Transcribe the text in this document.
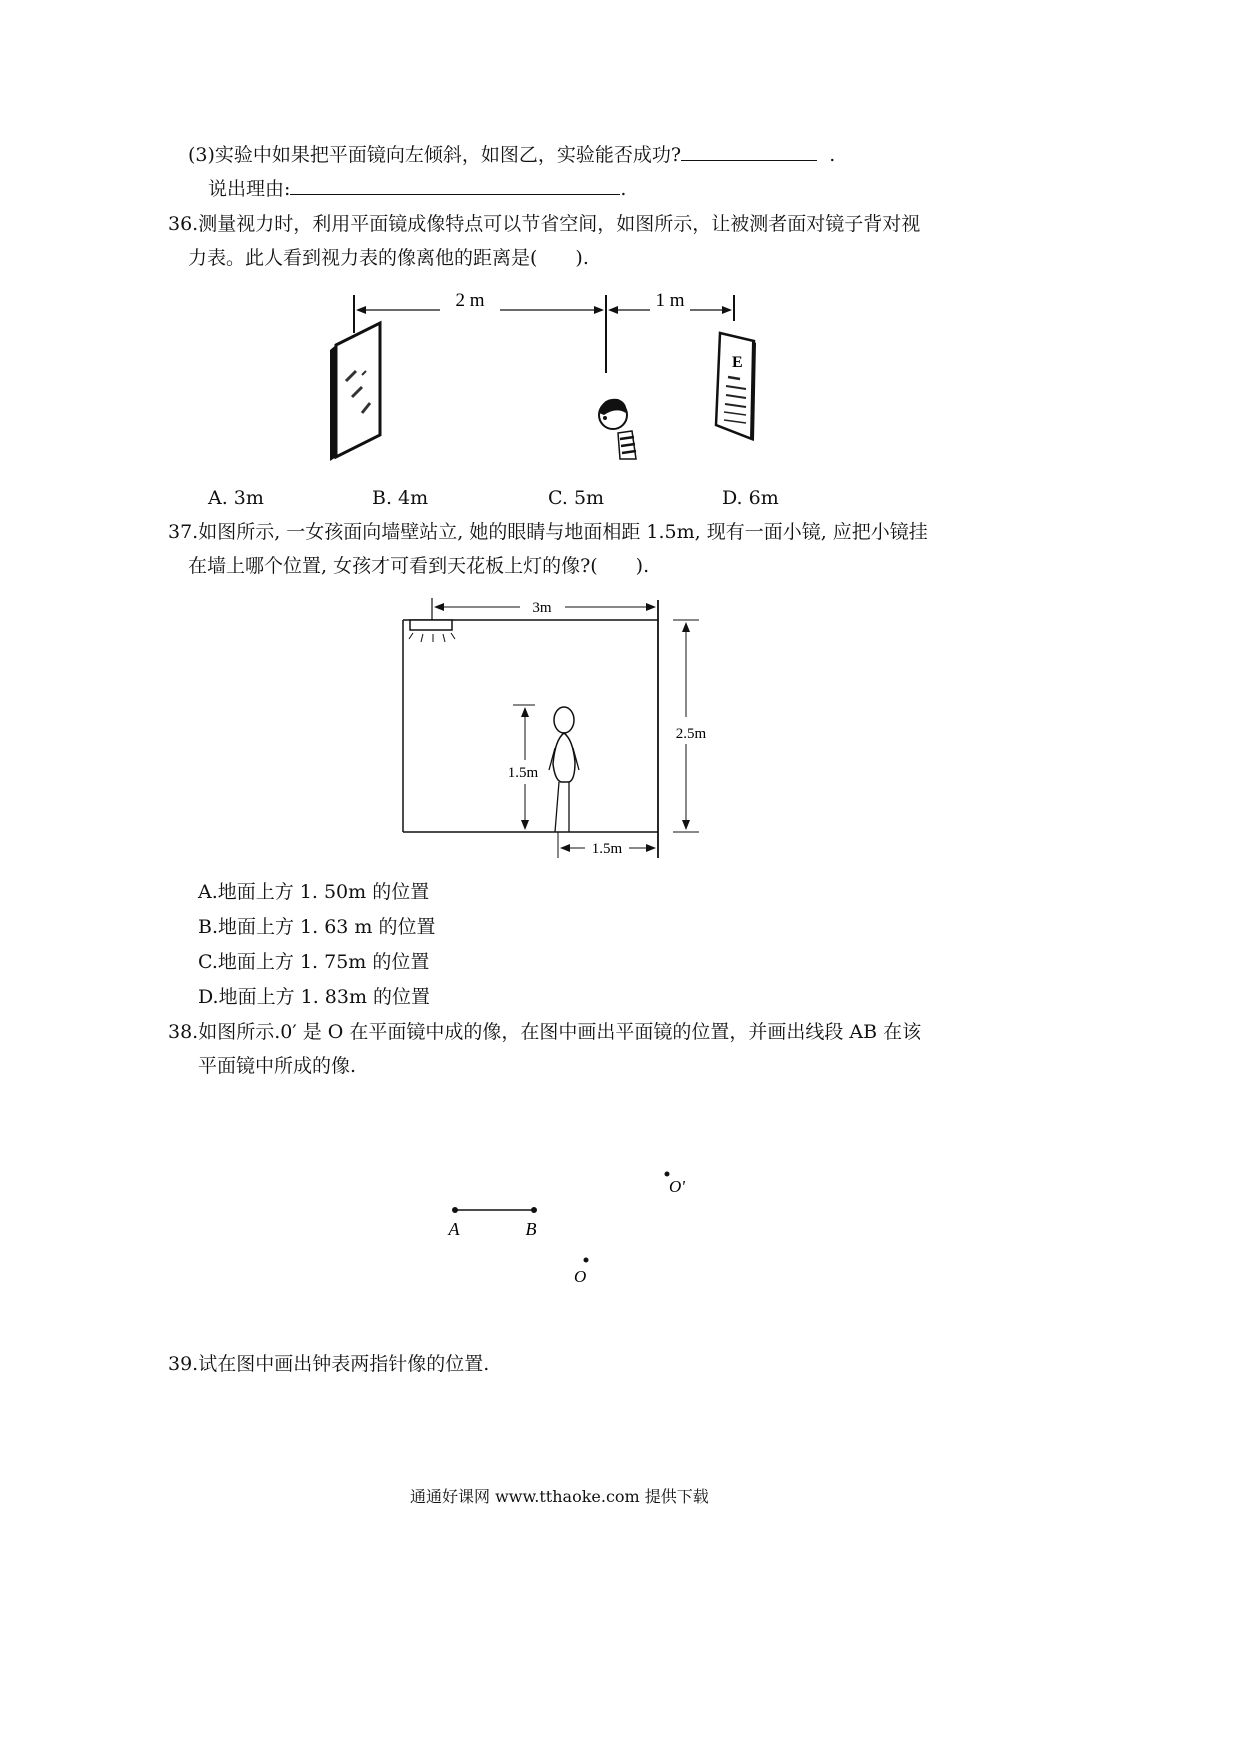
(3)实验中如果把平面镜向左倾斜，如图乙，实验能否成功?	.
说出理由:	.
36.测量视力时，利用平面镜成像特点可以节省空间，如图所示，让被测者面对镜子背对视
力表。此人看到视力表的像离他的距离是(　　).
2 m	1 m
E
A. 3m	B. 4m	C. 5m	D. 6m
37.如图所示, 一女孩面向墙壁站立, 她的眼睛与地面相距 1.5m, 现有一面小镜, 应把小镜挂
在墙上哪个位置, 女孩才可看到天花板上灯的像?(　　).
3m
2.5m
1.5m
1.5m
A.地面上方 1. 50m 的位置
B.地面上方 1. 63 m 的位置
C.地面上方 1. 75m 的位置
D.地面上方 1. 83m 的位置
38.如图所示.0′ 是 O 在平面镜中成的像，在图中画出平面镜的位置，并画出线段 AB 在该
平面镜中所成的像.
A	B
O'
O
39.试在图中画出钟表两指针像的位置.
通通好课网 www.tthaoke.com 提供下载
